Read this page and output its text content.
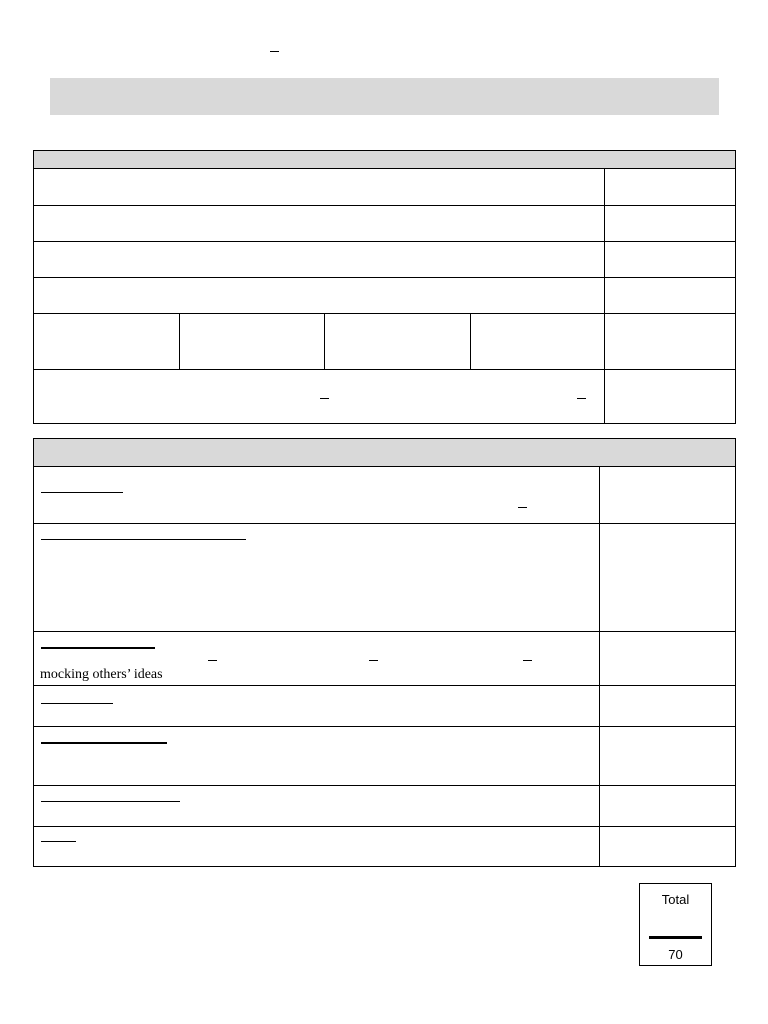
mocking others’ ideas	

Total
70
